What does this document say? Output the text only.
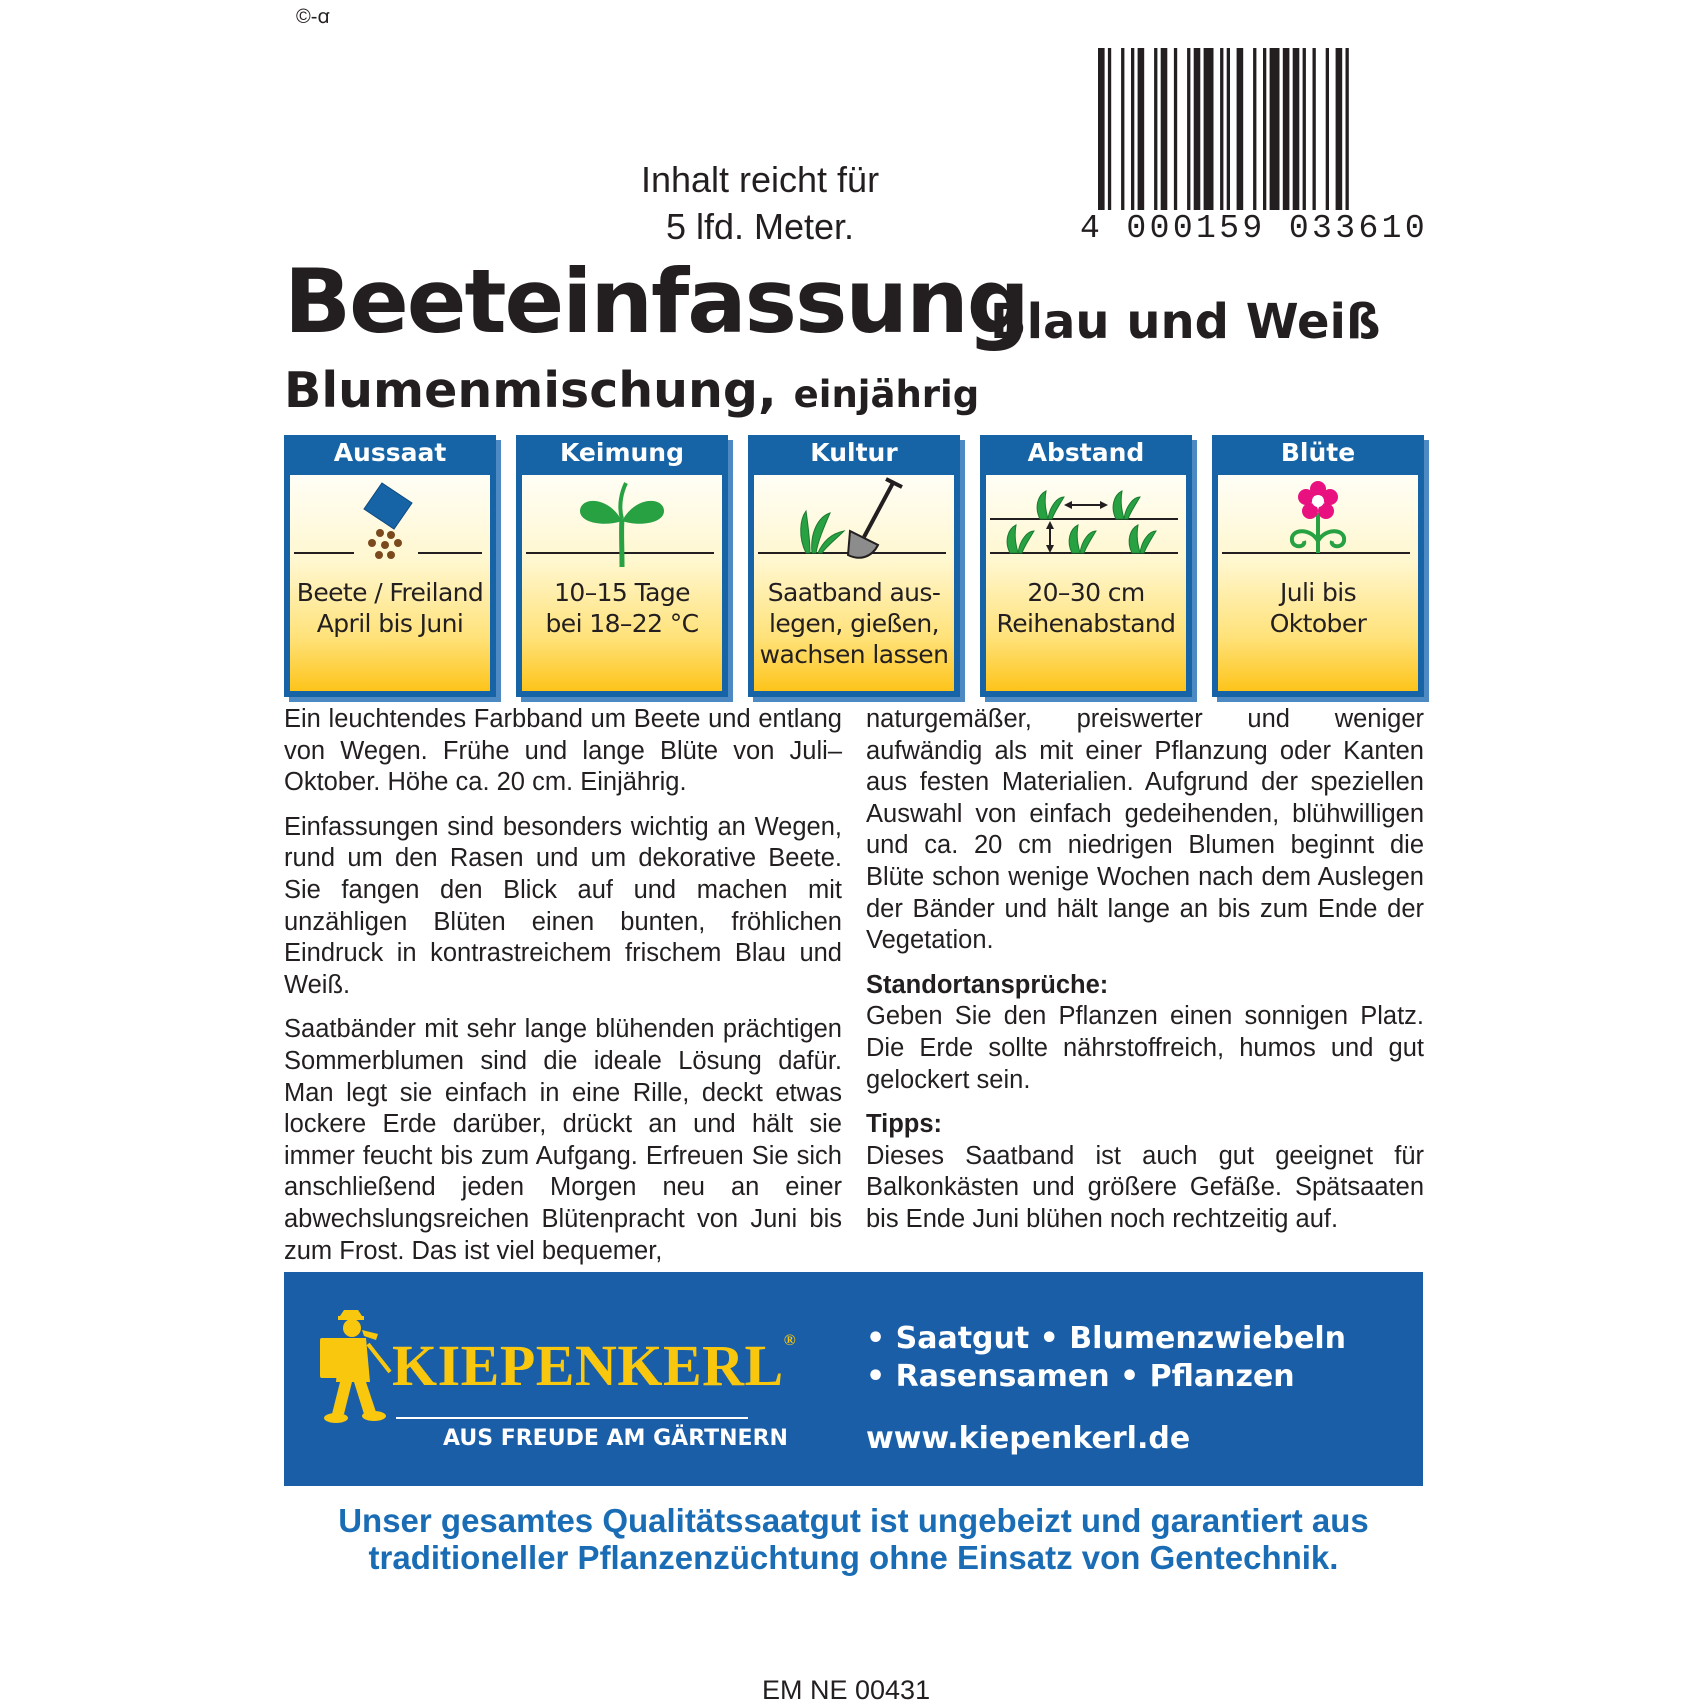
©-ꭤ
Inhalt reicht für
5 lfd. Meter.	4 000159 033610
Beeteinfassung
Blau und Weiß
Blumenmischung, einjährig
Aussaat
Beete / Freiland
April bis Juni
Keimung
10–15 Tage
bei 18–22 °C
Kultur
Saatband aus-
legen, gießen,
wachsen lassen
Abstand
20–30 cm
Reihenabstand
Blüte
Juli bis
Oktober

Ein leuchtendes Farbband um Beete und entlang von Wegen. Frühe und lange Blüte von Juli–Oktober. Höhe ca. 20 cm. Einjährig.

Einfassungen sind besonders wichtig an Wegen, rund um den Rasen und um dekorative Beete. Sie fangen den Blick auf und machen mit unzähligen Blüten einen bunten, fröhlichen Eindruck in kontrastreichem frischem Blau und Weiß.

Saatbänder mit sehr lange blühenden prächtigen Sommerblumen sind die ideale Lösung dafür. Man legt sie einfach in eine Rille, deckt etwas lockere Erde darüber, drückt an und hält sie immer feucht bis zum Aufgang. Erfreuen Sie sich anschließend jeden Morgen neu an einer abwechslungsreichen Blütenpracht von Juni bis zum Frost. Das ist viel bequemer,

naturgemäßer, preiswerter und weniger aufwändig als mit einer Pflanzung oder Kanten aus festen Materialien. Aufgrund der speziellen Auswahl von einfach gedeihenden, blühwilligen und ca. 20 cm niedrigen Blumen beginnt die Blüte schon wenige Wochen nach dem Auslegen der Bänder und hält lange an bis zum Ende der Vegetation.

Standortansprüche:
Geben Sie den Pflanzen einen sonnigen Platz. Die Erde sollte nährstoffreich, humos und gut gelockert sein.

Tipps:
Dieses Saatband ist auch gut geeignet für Balkonkästen und größere Gefäße. Spätsaaten bis Ende Juni blühen noch rechtzeitig auf.

KIEPENKERL®
AUS FREUDE AM GÄRTNERN
• Saatgut • Blumenzwiebeln
• Rasensamen • Pflanzen
www.kiepenkerl.de
Unser gesamtes Qualitätssaatgut ist ungebeizt und garantiert aus
traditioneller Pflanzenzüchtung ohne Einsatz von Gentechnik.
EM NE 00431
